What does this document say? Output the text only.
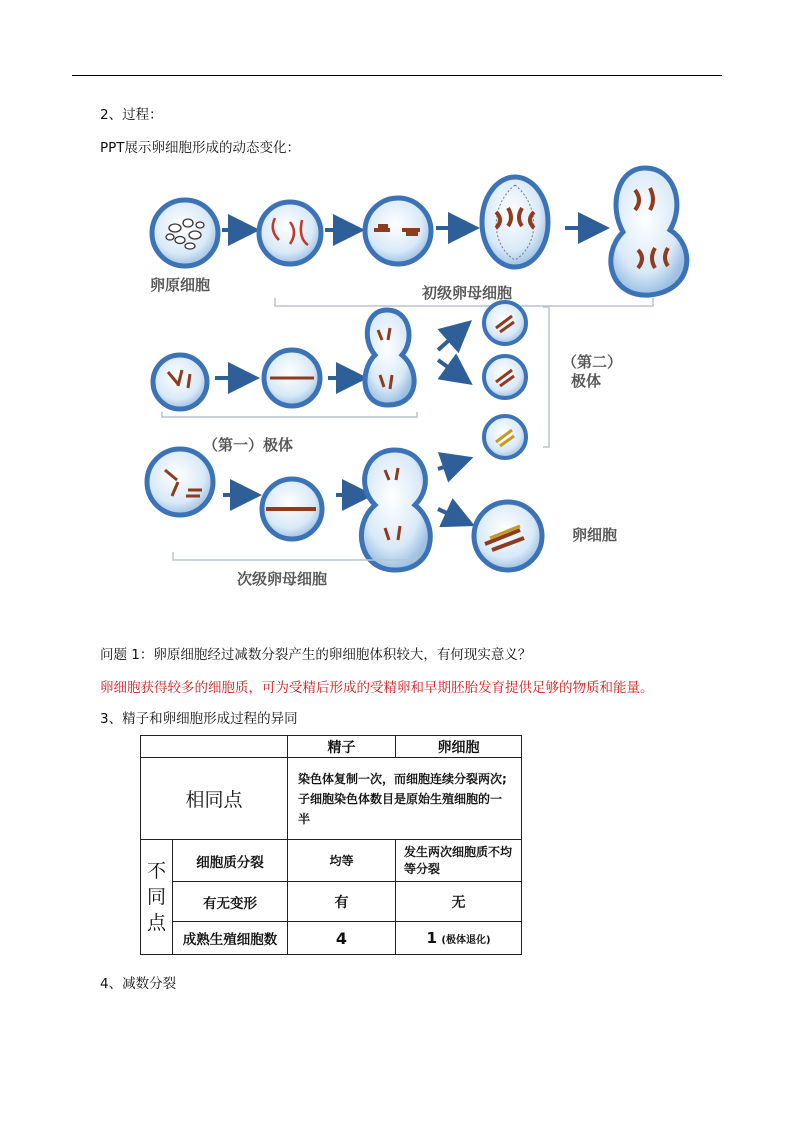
2、过程：
PPT展示卵细胞形成的动态变化：
卵原细胞	初级卵母细胞
（第二）
极体
（第一）极体
卵细胞
次级卵母细胞
问题 1：卵原细胞经过减数分裂产生的卵细胞体积较大，有何现实意义？
卵细胞获得较多的细胞质，可为受精后形成的受精卵和早期胚胎发育提供足够的物质和能量。
3、精子和卵细胞形成过程的异同
		精子	卵细胞
相同点		染色体复制一次，而细胞连续分裂两次;子细胞染色体数目是原始生殖细胞的一半	
不
同
点	细胞质分裂	均等	发生两次细胞质不均等分裂
	有无变形	有	无
	成熟生殖细胞数	4	1 (极体退化)
4、减数分裂
